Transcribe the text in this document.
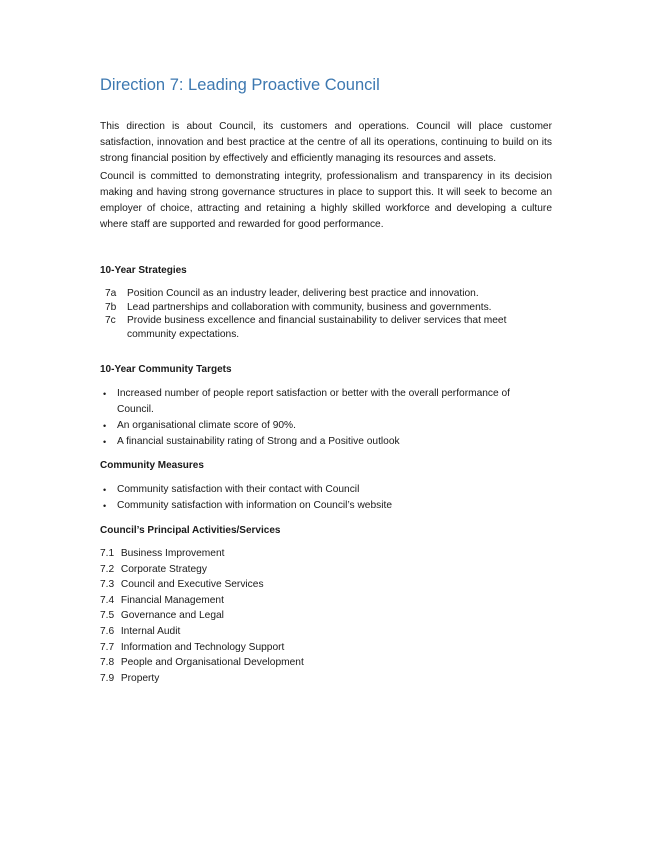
Direction 7: Leading Proactive Council

This direction is about Council, its customers and operations. Council will place customer satisfaction, innovation and best practice at the centre of all its operations, continuing to build on its strong financial position by effectively and efficiently managing its resources and assets.

Council is committed to demonstrating integrity, professionalism and transparency in its decision making and having strong governance structures in place to support this. It will seek to become an employer of choice, attracting and retaining a highly skilled workforce and developing a culture where staff are supported and rewarded for good performance.

10-Year Strategies
7a Position Council as an industry leader, delivering best practice and innovation.
7b Lead partnerships and collaboration with community, business and governments.
7c Provide business excellence and financial sustainability to deliver services that meet community expectations.
10-Year Community Targets
• Increased number of people report satisfaction or better with the overall performance of Council.
• An organisational climate score of 90%.
• A financial sustainability rating of Strong and a Positive outlook
Community Measures
• Community satisfaction with their contact with Council
• Community satisfaction with information on Council’s website
Council’s Principal Activities/Services
7.1 Business Improvement
7.2 Corporate Strategy
7.3 Council and Executive Services
7.4 Financial Management
7.5 Governance and Legal
7.6 Internal Audit
7.7 Information and Technology Support
7.8 People and Organisational Development
7.9 Property
